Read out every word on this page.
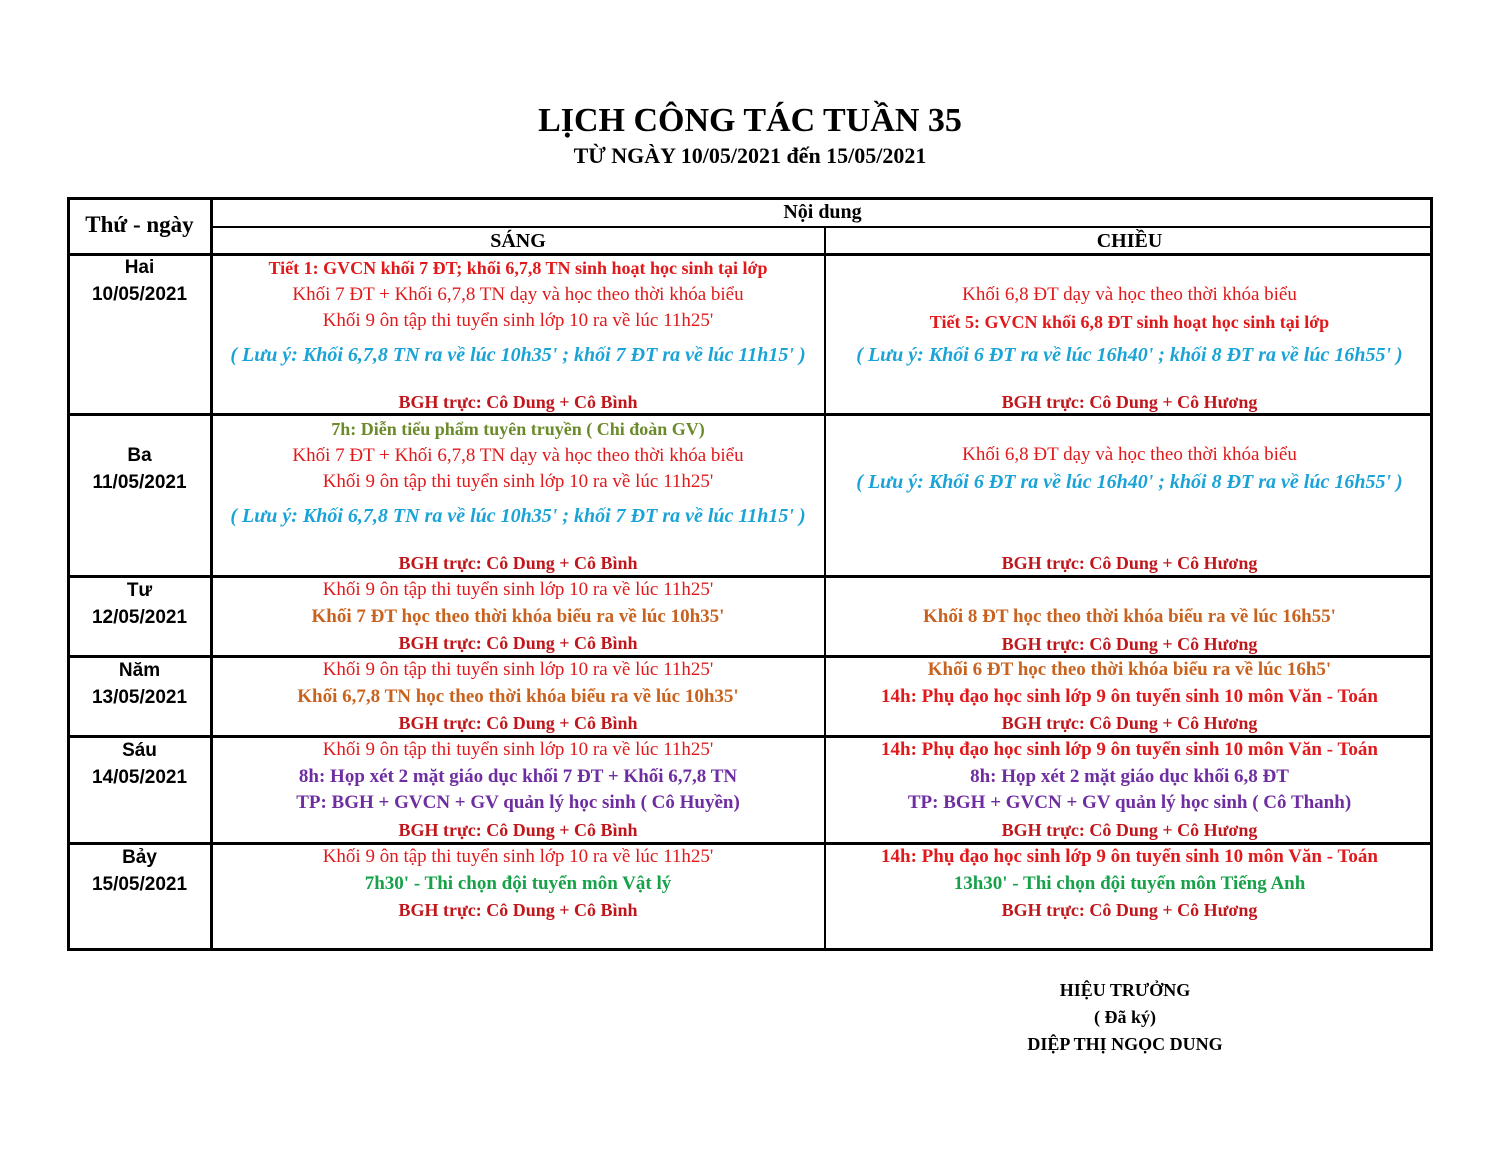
LỊCH CÔNG TÁC TUẦN 35
TỪ NGÀY 10/05/2021 đến 15/05/2021
Thứ - ngày	Nội dung
SÁNG	CHIỀU
Hai
10/05/2021
Ba
11/05/2021
Tư
12/05/2021
Năm
13/05/2021
Sáu
14/05/2021
Bảy
15/05/2021
Tiết 1: GVCN khối 7 ĐT; khối 6,7,8 TN sinh hoạt học sinh tại lớp
Khối 7 ĐT + Khối 6,7,8 TN dạy và học theo thời khóa biểu
Khối 9 ôn tập thi tuyển sinh lớp 10 ra về lúc 11h25'
( Lưu ý: Khối 6,7,8 TN ra về lúc 10h35' ; khối 7 ĐT ra về lúc 11h15' )
BGH trực: Cô Dung + Cô Bình
Khối 6,8 ĐT dạy và học theo thời khóa biểu
Tiết 5: GVCN khối 6,8 ĐT sinh hoạt học sinh tại lớp
( Lưu ý: Khối 6 ĐT ra về lúc 16h40' ; khối 8 ĐT ra về lúc 16h55' )
BGH trực: Cô Dung + Cô Hương
7h: Diễn tiểu phẩm tuyên truyền ( Chi đoàn GV)
Khối 7 ĐT + Khối 6,7,8 TN dạy và học theo thời khóa biểu
Khối 9 ôn tập thi tuyển sinh lớp 10 ra về lúc 11h25'
( Lưu ý: Khối 6,7,8 TN ra về lúc 10h35' ; khối 7 ĐT ra về lúc 11h15' )
BGH trực: Cô Dung + Cô Bình
Khối 6,8 ĐT dạy và học theo thời khóa biểu
( Lưu ý: Khối 6 ĐT ra về lúc 16h40' ; khối 8 ĐT ra về lúc 16h55' )
BGH trực: Cô Dung + Cô Hương
Khối 9 ôn tập thi tuyển sinh lớp 10 ra về lúc 11h25'
Khối 7 ĐT học theo thời khóa biểu ra về lúc 10h35'
BGH trực: Cô Dung + Cô Bình
Khối 8 ĐT học theo thời khóa biểu ra về lúc 16h55'
BGH trực: Cô Dung + Cô Hương
Khối 9 ôn tập thi tuyển sinh lớp 10 ra về lúc 11h25'
Khối 6,7,8 TN học theo thời khóa biểu ra về lúc 10h35'
BGH trực: Cô Dung + Cô Bình
Khối 6 ĐT học theo thời khóa biểu ra về lúc 16h5'
14h: Phụ đạo học sinh lớp 9 ôn tuyển sinh 10 môn Văn - Toán
BGH trực: Cô Dung + Cô Hương
Khối 9 ôn tập thi tuyển sinh lớp 10 ra về lúc 11h25'
8h: Họp xét 2 mặt giáo dục khối 7 ĐT + Khối 6,7,8 TN
TP: BGH + GVCN + GV quản lý học sinh ( Cô Huyền)
BGH trực: Cô Dung + Cô Bình
14h: Phụ đạo học sinh lớp 9 ôn tuyển sinh 10 môn Văn - Toán
8h: Họp xét 2 mặt giáo dục khối 6,8 ĐT
TP: BGH + GVCN + GV quản lý học sinh ( Cô Thanh)
BGH trực: Cô Dung + Cô Hương
Khối 9 ôn tập thi tuyển sinh lớp 10 ra về lúc 11h25'
7h30' - Thi chọn đội tuyển môn Vật lý
BGH trực: Cô Dung + Cô Bình
14h: Phụ đạo học sinh lớp 9 ôn tuyển sinh 10 môn Văn - Toán
13h30' - Thi chọn đội tuyển môn Tiếng Anh
BGH trực: Cô Dung + Cô Hương
HIỆU TRƯỞNG
( Đã ký)
DIỆP THỊ NGỌC DUNG
